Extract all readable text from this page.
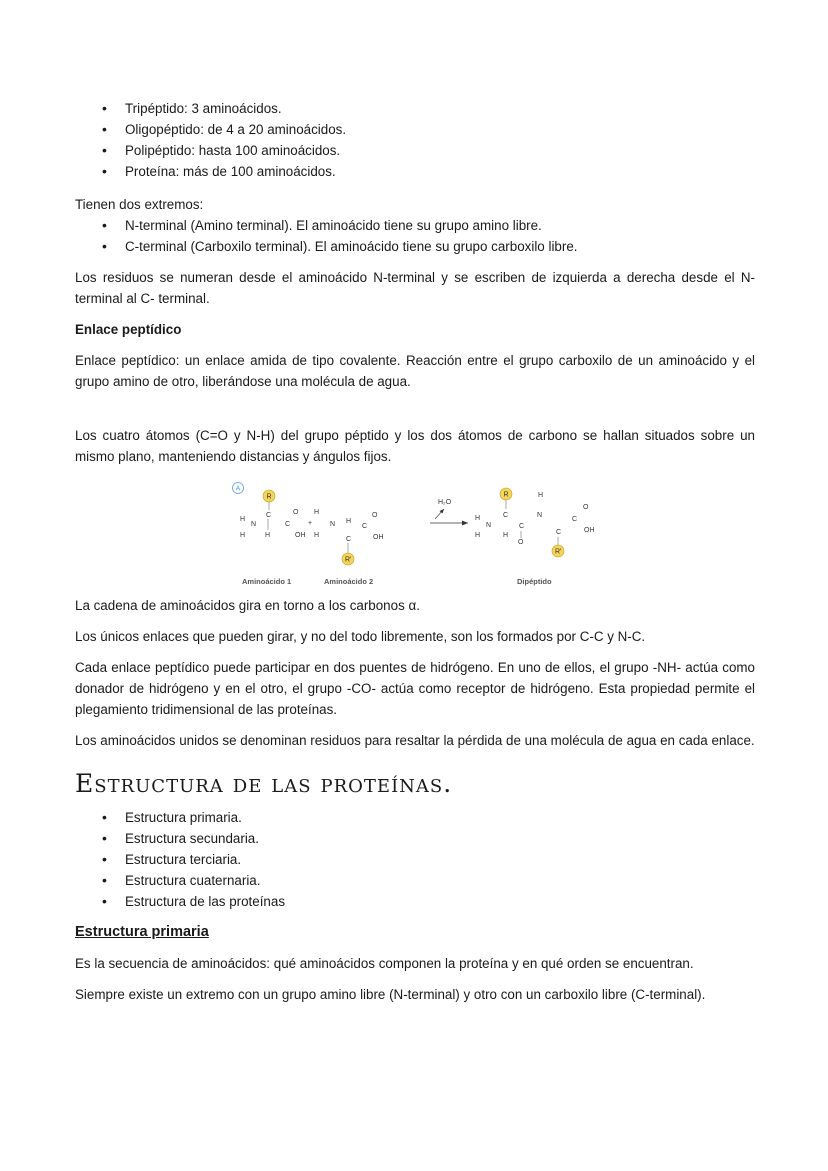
• Tripéptido: 3 aminoácidos.
• Oligopéptido: de 4 a 20 aminoácidos.
• Polipéptido: hasta 100 aminoácidos.
• Proteína: más de 100 aminoácidos.

Tienen dos extremos:

• N-terminal (Amino terminal). El aminoácido tiene su grupo amino libre.
• C-terminal (Carboxilo terminal). El aminoácido tiene su grupo carboxilo libre.

Los residuos se numeran desde el aminoácido N-terminal y se escriben de izquierda a derecha desde el N-terminal al C- terminal.

Enlace peptídico

Enlace peptídico: un enlace amida de tipo covalente. Reacción entre el grupo carboxilo de un aminoácido y el grupo amino de otro, liberándose una molécula de agua.

Los cuatro átomos (C=O y N-H) del grupo péptido y los dos átomos de carbono se hallan situados sobre un mismo plano, manteniendo distancias y ángulos fijos.

A
R
C
H
N
H	H
C
O
OH
+
H
N
H
H
C
C
O
OH
R'
H₂O
R
C
H
N
H	H
C
O
H
N
C
C
O
OH
R'
Aminoácido 1	Aminoácido 2	Dipéptido

La cadena de aminoácidos gira en torno a los carbonos α.

Los únicos enlaces que pueden girar, y no del todo libremente, son los formados por C-C y N-C.

Cada enlace peptídico puede participar en dos puentes de hidrógeno. En uno de ellos, el grupo -NH- actúa como donador de hidrógeno y en el otro, el grupo -CO- actúa como receptor de hidrógeno. Esta propiedad permite el plegamiento tridimensional de las proteínas.

Los aminoácidos unidos se denominan residuos para resaltar la pérdida de una molécula de agua en cada enlace.

Estructura de las proteínas.
• Estructura primaria.
• Estructura secundaria.
• Estructura terciaria.
• Estructura cuaternaria.
• Estructura de las proteínas

Estructura primaria

Es la secuencia de aminoácidos: qué aminoácidos componen la proteína y en qué orden se encuentran.

Siempre existe un extremo con un grupo amino libre (N-terminal) y otro con un carboxilo libre (C-terminal).
